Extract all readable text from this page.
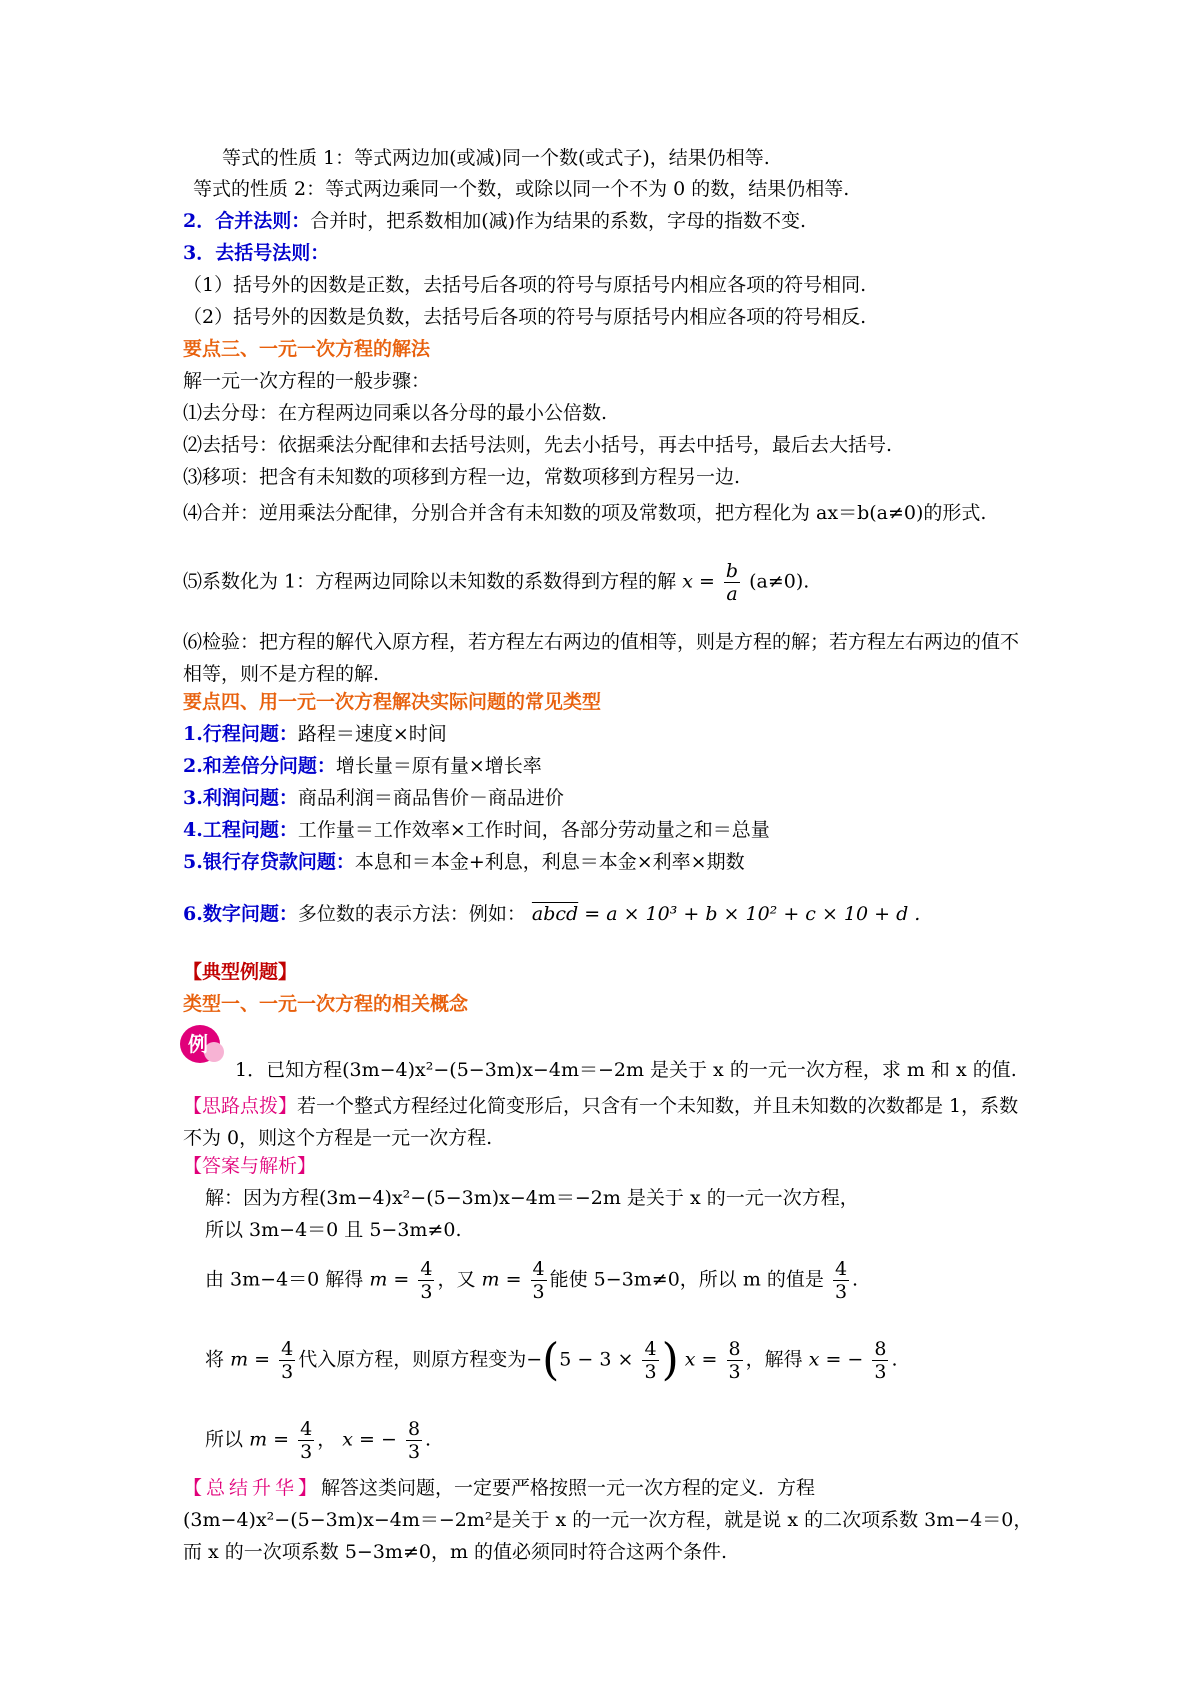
等式的性质 1：等式两边加(或减)同一个数(或式子)，结果仍相等.
等式的性质 2：等式两边乘同一个数，或除以同一个不为 0 的数，结果仍相等.
2．合并法则：合并时，把系数相加(减)作为结果的系数，字母的指数不变.
3．去括号法则：
（1）括号外的因数是正数，去括号后各项的符号与原括号内相应各项的符号相同.
（2）括号外的因数是负数，去括号后各项的符号与原括号内相应各项的符号相反.
要点三、一元一次方程的解法
解一元一次方程的一般步骤：
⑴去分母：在方程两边同乘以各分母的最小公倍数.
⑵去括号：依据乘法分配律和去括号法则，先去小括号，再去中括号，最后去大括号.
⑶移项：把含有未知数的项移到方程一边，常数项移到方程另一边.
⑷合并：逆用乘法分配律，分别合并含有未知数的项及常数项，把方程化为 ax＝b(a≠0)的形式.
⑸系数化为 1：方程两边同除以未知数的系数得到方程的解 $x = \frac{b}{a} (a\ne 0)$.
⑹检验：把方程的解代入原方程，若方程左右两边的值相等，则是方程的解；若方程左右两边的值不相等，则不是方程的解.
要点四、用一元一次方程解决实际问题的常见类型
1.行程问题：路程＝速度×时间
2.和差倍分问题：增长量＝原有量×增长率
3.利润问题：商品利润＝商品售价－商品进价
4.工程问题：工作量＝工作效率×工作时间，各部分劳动量之和＝总量
5.银行存贷款问题：本息和＝本金+利息，利息＝本金×利率×期数
6.数字问题：多位数的表示方法：例如： abcd = a × 10³ + b × 10² + c × 10 + d .
【典型例题】
类型一、一元一次方程的相关概念
例
1．已知方程(3m−4)x²−(5−3m)x−4m＝−2m 是关于 x 的一元一次方程，求 m 和 x 的值.
【思路点拨】若一个整式方程经过化简变形后，只含有一个未知数，并且未知数的次数都是 1，系数不为 0，则这个方程是一元一次方程.
【答案与解析】
解：因为方程(3m−4)x²−(5−3m)x−4m＝−2m 是关于 x 的一元一次方程，
所以 3m−4＝0 且 5−3m≠0.
由 3m−4＝0 解得 $m = \frac{4}{3}$ ，又 $m = \frac{4}{3}$ 能使 5−3m≠0，所以 m 的值是 $\frac{4}{3}$ .
将 $m = \frac{4}{3}$ 代入原方程，则原方程变为$-(5 - 3 \times \frac{4}{3}$ ) $x = \frac{8}{3}$ ，解得 x = − $\frac{8}{3}$ .
所以 $m = \frac{4}{3}$ ， x = − $\frac{8}{3}$ .
【总结升华】解答这类问题，一定要严格按照一元一次方程的定义．方程(3m−4)x²−(5−3m)x−4m＝−2m²是关于 x 的一元一次方程，就是说 x 的二次项系数 3m−4＝0，而 x 的一次项系数 5−3m≠0，m 的值必须同时符合这两个条件.
